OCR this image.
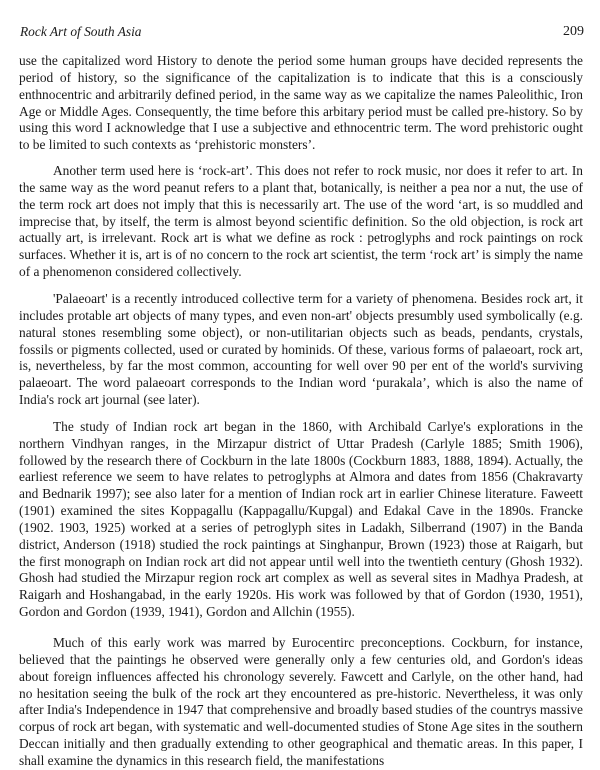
Rock Art of South Asia	209

use the capitalized word History to denote the period some human groups have decided represents the period of history, so the significance of the capitalization is to indicate that this is a consciously enthnocentric and arbitrarily defined period, in the same way as we capitalize the names Paleolithic, Iron Age or Middle Ages. Consequently, the time before this arbitary period must be called pre-history. So by using this word I acknowledge that I use a subjective and ethnocentric term. The word prehistoric ought to be limited to such contexts as ‘prehistoric monsters’.

Another term used here is ‘rock-art’. This does not refer to rock music, nor does it refer to art. In the same way as the word peanut refers to a plant that, botanically, is neither a pea nor a nut, the use of the term rock art does not imply that this is necessarily art. The use of the word ‘art, is so muddled and imprecise that, by itself, the term is almost beyond scientific definition. So the old objection, is rock art actually art, is irrelevant. Rock art is what we define as rock : petroglyphs and rock paintings on rock surfaces. Whether it is, art is of no concern to the rock art scientist, the term ‘rock art’ is simply the name of a phenomenon considered collectively.

'Palaeoart' is a recently introduced collective term for a variety of phenomena. Besides rock art, it includes protable art objects of many types, and even non-art' objects presumbly used symbolically (e.g. natural stones resembling some object), or non-utilitarian objects such as beads, pendants, crystals, fossils or pigments collected, used or curated by hominids. Of these, various forms of palaeoart, rock art, is, nevertheless, by far the most common, accounting for well over 90 per ent of the world's surviving palaeoart. The word palaeoart corresponds to the Indian word ‘purakala’, which is also the name of India's rock art journal (see later).

The study of Indian rock art began in the 1860, with Archibald Carlye's explorations in the northern Vindhyan ranges, in the Mirzapur district of Uttar Pradesh (Carlyle 1885; Smith 1906), followed by the research there of Cockburn in the late 1800s (Cockburn 1883, 1888, 1894). Actually, the earliest reference we seem to have relates to petroglyphs at Almora and dates from 1856 (Chakravarty and Bednarik 1997); see also later for a mention of Indian rock art in earlier Chinese literature. Faweett (1901) examined the sites Koppagallu (Kappagallu/Kupgal) and Edakal Cave in the 1890s. Francke (1902. 1903, 1925) worked at a series of petroglyph sites in Ladakh, Silberrand (1907) in the Banda district, Anderson (1918) studied the rock paintings at Singhanpur, Brown (1923) those at Raigarh, but the first monograph on Indian rock art did not appear until well into the twentieth century (Ghosh 1932). Ghosh had studied the Mirzapur region rock art complex as well as several sites in Madhya Pradesh, at Raigarh and Hoshangabad, in the early 1920s. His work was followed by that of Gordon (1930, 1951), Gordon and Gordon (1939, 1941), Gordon and Allchin (1955).

Much of this early work was marred by Eurocentirc preconceptions. Cockburn, for instance, believed that the paintings he observed were generally only a few centuries old, and Gordon's ideas about foreign influences affected his chronology severely. Fawcett and Carlyle, on the other hand, had no hesitation seeing the bulk of the rock art they encountered as pre-historic. Nevertheless, it was only after India's Independence in 1947 that comprehensive and broadly based studies of the countrys massive corpus of rock art began, with systematic and well-documented studies of Stone Age sites in the southern Deccan initially and then gradually extending to other geographical and thematic areas. In this paper, I shall examine the dynamics in this research field, the manifestations
